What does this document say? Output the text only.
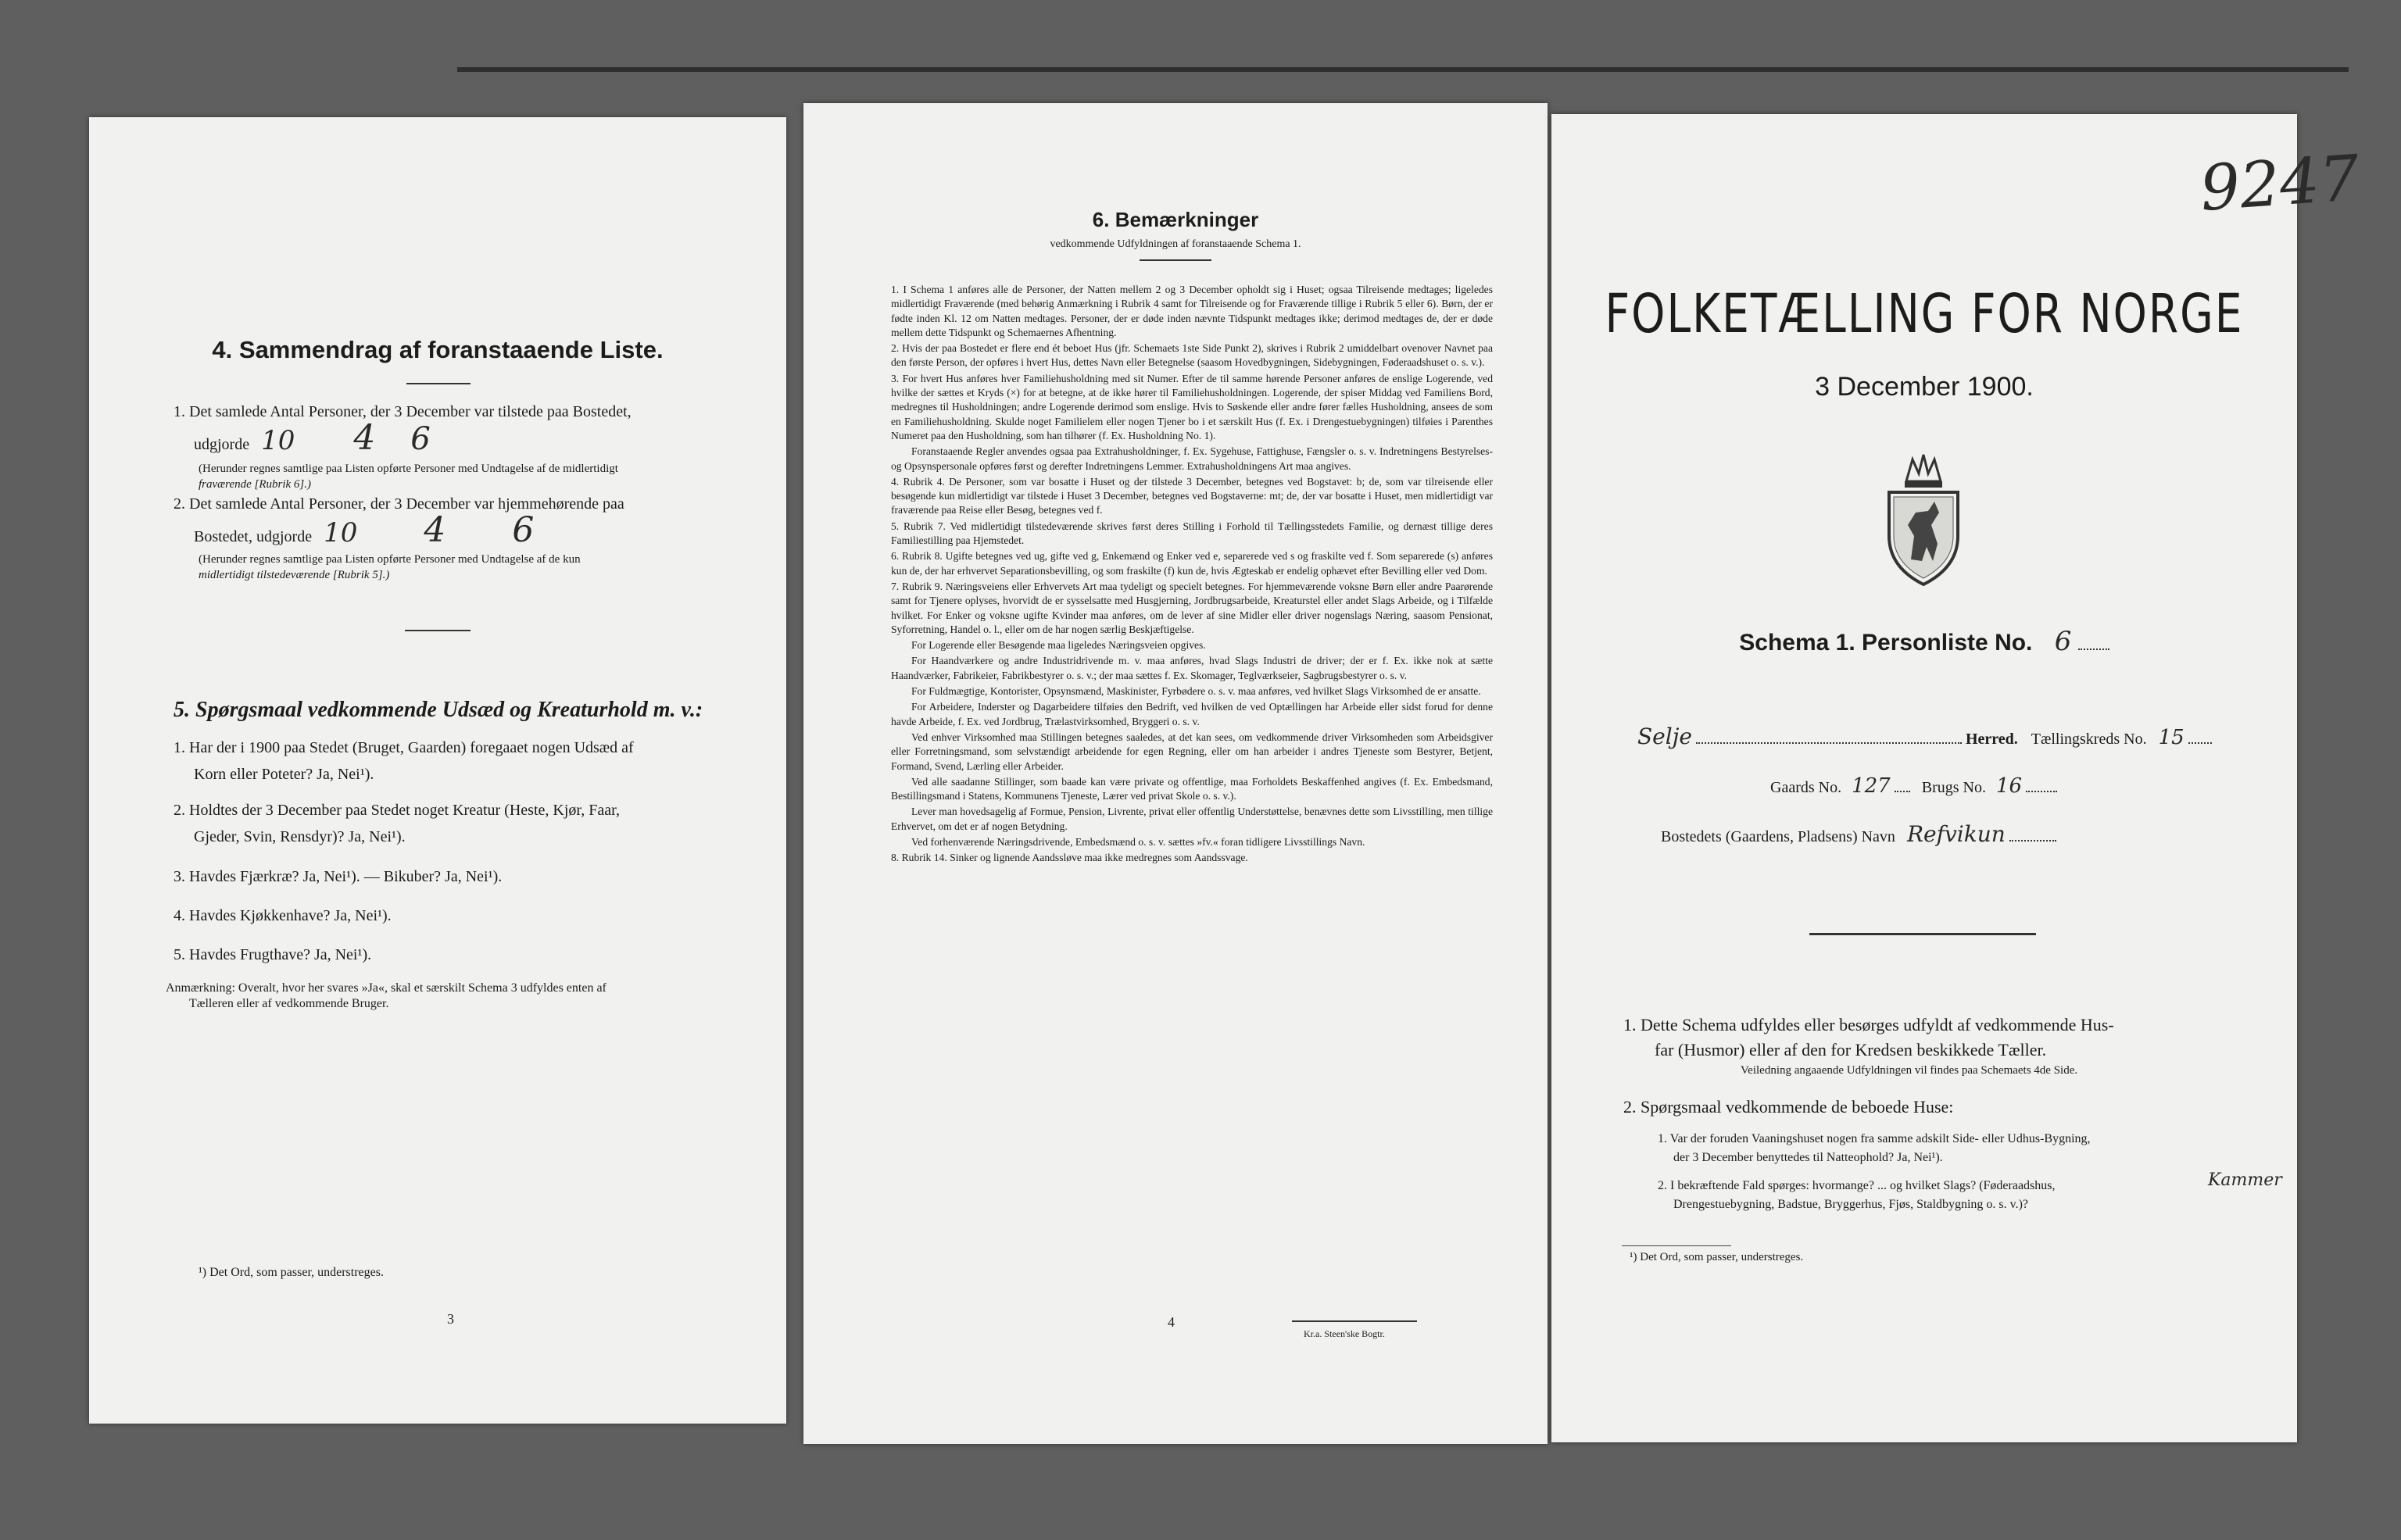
4. Sammendrag af foranstaaende Liste.
1. Det samlede Antal Personer, der 3 December var tilstede paa Bostedet,
udgjorde 10 4 6
(Herunder regnes samtlige paa Listen opførte Personer med Undtagelse af de midlertidigt
fraværende [Rubrik 6].)
2. Det samlede Antal Personer, der 3 December var hjemmehørende paa
Bostedet, udgjorde 10 4 6
(Herunder regnes samtlige paa Listen opførte Personer med Undtagelse af de kun
midlertidigt tilstedeværende [Rubrik 5].)
5. Spørgsmaal vedkommende Udsæd og Kreaturhold m. v.:
1. Har der i 1900 paa Stedet (Bruget, Gaarden) foregaaet nogen Udsæd af
Korn eller Poteter? Ja, Nei¹).
2. Holdtes der 3 December paa Stedet noget Kreatur (Heste, Kjør, Faar,
Gjeder, Svin, Rensdyr)? Ja, Nei¹).
3. Havdes Fjærkræ? Ja, Nei¹). — Bikuber? Ja, Nei¹).
4. Havdes Kjøkkenhave? Ja, Nei¹).
5. Havdes Frugthave? Ja, Nei¹).
Anmærkning: Overalt, hvor her svares »Ja«, skal et særskilt Schema 3 udfyldes enten af
Tælleren eller af vedkommende Bruger.
¹) Det Ord, som passer, understreges.
3
6. Bemærkninger
vedkommende Udfyldningen af foranstaaende Schema 1.

1. I Schema 1 anføres alle de Personer, der Natten mellem 2 og 3 December opholdt sig i Huset; ogsaa Tilreisende medtages; ligeledes midlertidigt Fraværende (med behørig Anmærkning i Rubrik 4 samt for Tilreisende og for Fraværende tillige i Rubrik 5 eller 6). Børn, der er fødte inden Kl. 12 om Natten medtages. Personer, der er døde inden nævnte Tidspunkt medtages ikke; derimod medtages de, der er døde mellem dette Tidspunkt og Schemaernes Afhentning.

2. Hvis der paa Bostedet er flere end ét beboet Hus (jfr. Schemaets 1ste Side Punkt 2), skrives i Rubrik 2 umiddelbart ovenover Navnet paa den første Person, der opføres i hvert Hus, dettes Navn eller Betegnelse (saasom Hovedbygningen, Sidebygningen, Føderaadshuset o. s. v.).

3. For hvert Hus anføres hver Familiehusholdning med sit Numer. Efter de til samme hørende Personer anføres de enslige Logerende, ved hvilke der sættes et Kryds (×) for at betegne, at de ikke hører til Familiehusholdningen. Logerende, der spiser Middag ved Familiens Bord, medregnes til Husholdningen; andre Logerende derimod som enslige. Hvis to Søskende eller andre fører fælles Husholdning, ansees de som en Familiehusholdning. Skulde noget Familielem eller nogen Tjener bo i et særskilt Hus (f. Ex. i Drengestuebygningen) tilføies i Parenthes Numeret paa den Husholdning, som han tilhører (f. Ex. Husholdning No. 1).

Foranstaaende Regler anvendes ogsaa paa Extrahusholdninger, f. Ex. Sygehuse, Fattighuse, Fængsler o. s. v. Indretningens Bestyrelses- og Opsynspersonale opføres først og derefter Indretningens Lemmer. Extrahusholdningens Art maa angives.

4. Rubrik 4. De Personer, som var bosatte i Huset og der tilstede 3 December, betegnes ved Bogstavet: b; de, som var tilreisende eller besøgende kun midlertidigt var tilstede i Huset 3 December, betegnes ved Bogstaverne: mt; de, der var bosatte i Huset, men midlertidigt var fraværende paa Reise eller Besøg, betegnes ved f.

5. Rubrik 7. Ved midlertidigt tilstedeværende skrives først deres Stilling i Forhold til Tællingsstedets Familie, og dernæst tillige deres Familiestilling paa Hjemstedet.

6. Rubrik 8. Ugifte betegnes ved ug, gifte ved g, Enkemænd og Enker ved e, separerede ved s og fraskilte ved f. Som separerede (s) anføres kun de, der har erhvervet Separationsbevilling, og som fraskilte (f) kun de, hvis Ægteskab er endelig ophævet efter Bevilling eller ved Dom.

7. Rubrik 9. Næringsveiens eller Erhvervets Art maa tydeligt og specielt betegnes. For hjemmeværende voksne Børn eller andre Paarørende samt for Tjenere oplyses, hvorvidt de er sysselsatte med Husgjerning, Jordbrugsarbeide, Kreaturstel eller andet Slags Arbeide, og i Tilfælde hvilket. For Enker og voksne ugifte Kvinder maa anføres, om de lever af sine Midler eller driver nogenslags Næring, saasom Pensionat, Syforretning, Handel o. l., eller om de har nogen særlig Beskjæftigelse.

For Logerende eller Besøgende maa ligeledes Næringsveien opgives.

For Haandværkere og andre Industridrivende m. v. maa anføres, hvad Slags Industri de driver; der er f. Ex. ikke nok at sætte Haandværker, Fabrikeier, Fabrikbestyrer o. s. v.; der maa sættes f. Ex. Skomager, Teglværkseier, Sagbrugsbestyrer o. s. v.

For Fuldmægtige, Kontorister, Opsynsmænd, Maskinister, Fyrbødere o. s. v. maa anføres, ved hvilket Slags Virksomhed de er ansatte.

For Arbeidere, Inderster og Dagarbeidere tilføies den Bedrift, ved hvilken de ved Optællingen har Arbeide eller sidst forud for denne havde Arbeide, f. Ex. ved Jordbrug, Trælastvirksomhed, Bryggeri o. s. v.

Ved enhver Virksomhed maa Stillingen betegnes saaledes, at det kan sees, om vedkommende driver Virksomheden som Arbeidsgiver eller Forretningsmand, som selvstændigt arbeidende for egen Regning, eller om han arbeider i andres Tjeneste som Bestyrer, Betjent, Formand, Svend, Lærling eller Arbeider.

Ved alle saadanne Stillinger, som baade kan være private og offentlige, maa Forholdets Beskaffenhed angives (f. Ex. Embedsmand, Bestillingsmand i Statens, Kommunens Tjeneste, Lærer ved privat Skole o. s. v.).

Lever man hovedsagelig af Formue, Pension, Livrente, privat eller offentlig Understøttelse, benævnes dette som Livsstilling, men tillige Erhvervet, om det er af nogen Betydning.

Ved forhenværende Næringsdrivende, Embedsmænd o. s. v. sættes »fv.« foran tidligere Livsstillings Navn.

8. Rubrik 14. Sinker og lignende Aandssløve maa ikke medregnes som Aandssvage.

4
Kr.a. Steen'ske Bogtr.
9247
FOLKETÆLLING FOR NORGE
3 December 1900.
Schema 1. Personliste No. 6
Selje	Herred. Tællingskreds No. 15
Gaards No. 127 Brugs No. 16
Bostedets (Gaardens, Pladsens) Navn Refvikun
1. Dette Schema udfyldes eller besørges udfyldt af vedkommende Hus-
far (Husmor) eller af den for Kredsen beskikkede Tæller.
Veiledning angaaende Udfyldningen vil findes paa Schemaets 4de Side.
2. Spørgsmaal vedkommende de beboede Huse:
1. Var der foruden Vaaningshuset nogen fra samme adskilt Side- eller Udhus-Bygning,
der 3 December benyttedes til Natteophold? Ja, Nei¹).
2. I bekræftende Fald spørges: hvormange? ... og hvilket Slags? (Føderaadshus,
Drengestuebygning, Badstue, Bryggerhus, Fjøs, Staldbygning o. s. v.)?
Kammer
¹) Det Ord, som passer, understreges.
